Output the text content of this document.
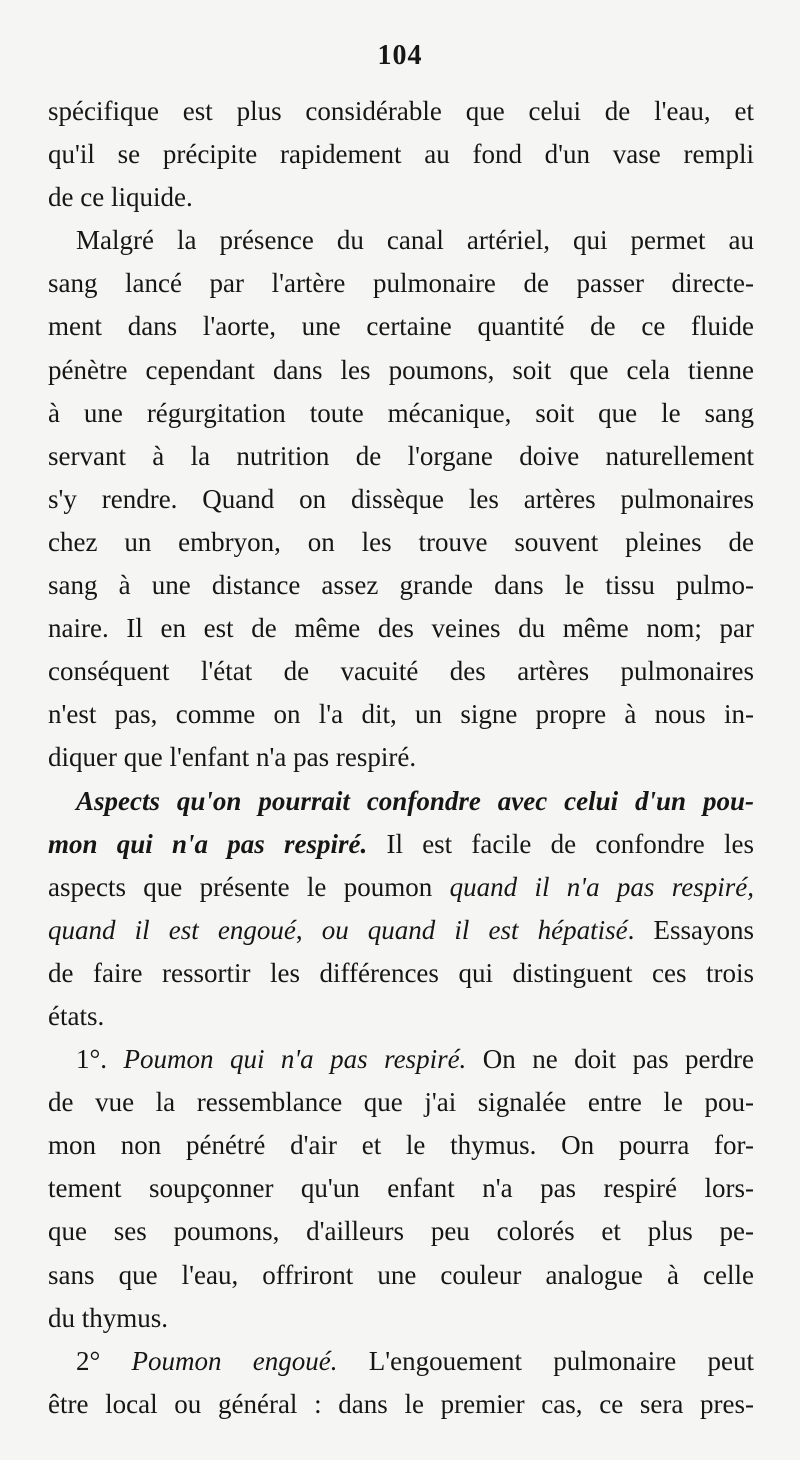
104
spécifique est plus considérable que celui de l'eau, et
qu'il se précipite rapidement au fond d'un vase rempli
de ce liquide.
Malgré la présence du canal artériel, qui permet au
sang lancé par l'artère pulmonaire de passer directe-
ment dans l'aorte, une certaine quantité de ce fluide
pénètre cependant dans les poumons, soit que cela tienne
à une régurgitation toute mécanique, soit que le sang
servant à la nutrition de l'organe doive naturellement
s'y rendre. Quand on dissèque les artères pulmonaires
chez un embryon, on les trouve souvent pleines de
sang à une distance assez grande dans le tissu pulmo-
naire. Il en est de même des veines du même nom; par
conséquent l'état de vacuité des artères pulmonaires
n'est pas, comme on l'a dit, un signe propre à nous in-
diquer que l'enfant n'a pas respiré.
Aspects qu'on pourrait confondre avec celui d'un pou-
mon qui n'a pas respiré. Il est facile de confondre les
aspects que présente le poumon quand il n'a pas respiré,
quand il est engoué, ou quand il est hépatisé. Essayons
de faire ressortir les différences qui distinguent ces trois
états.
1°. Poumon qui n'a pas respiré. On ne doit pas perdre
de vue la ressemblance que j'ai signalée entre le pou-
mon non pénétré d'air et le thymus. On pourra for-
tement soupçonner qu'un enfant n'a pas respiré lors-
que ses poumons, d'ailleurs peu colorés et plus pe-
sans que l'eau, offriront une couleur analogue à celle
du thymus.
2° Poumon engoué. L'engouement pulmonaire peut
être local ou général : dans le premier cas, ce sera pres-
